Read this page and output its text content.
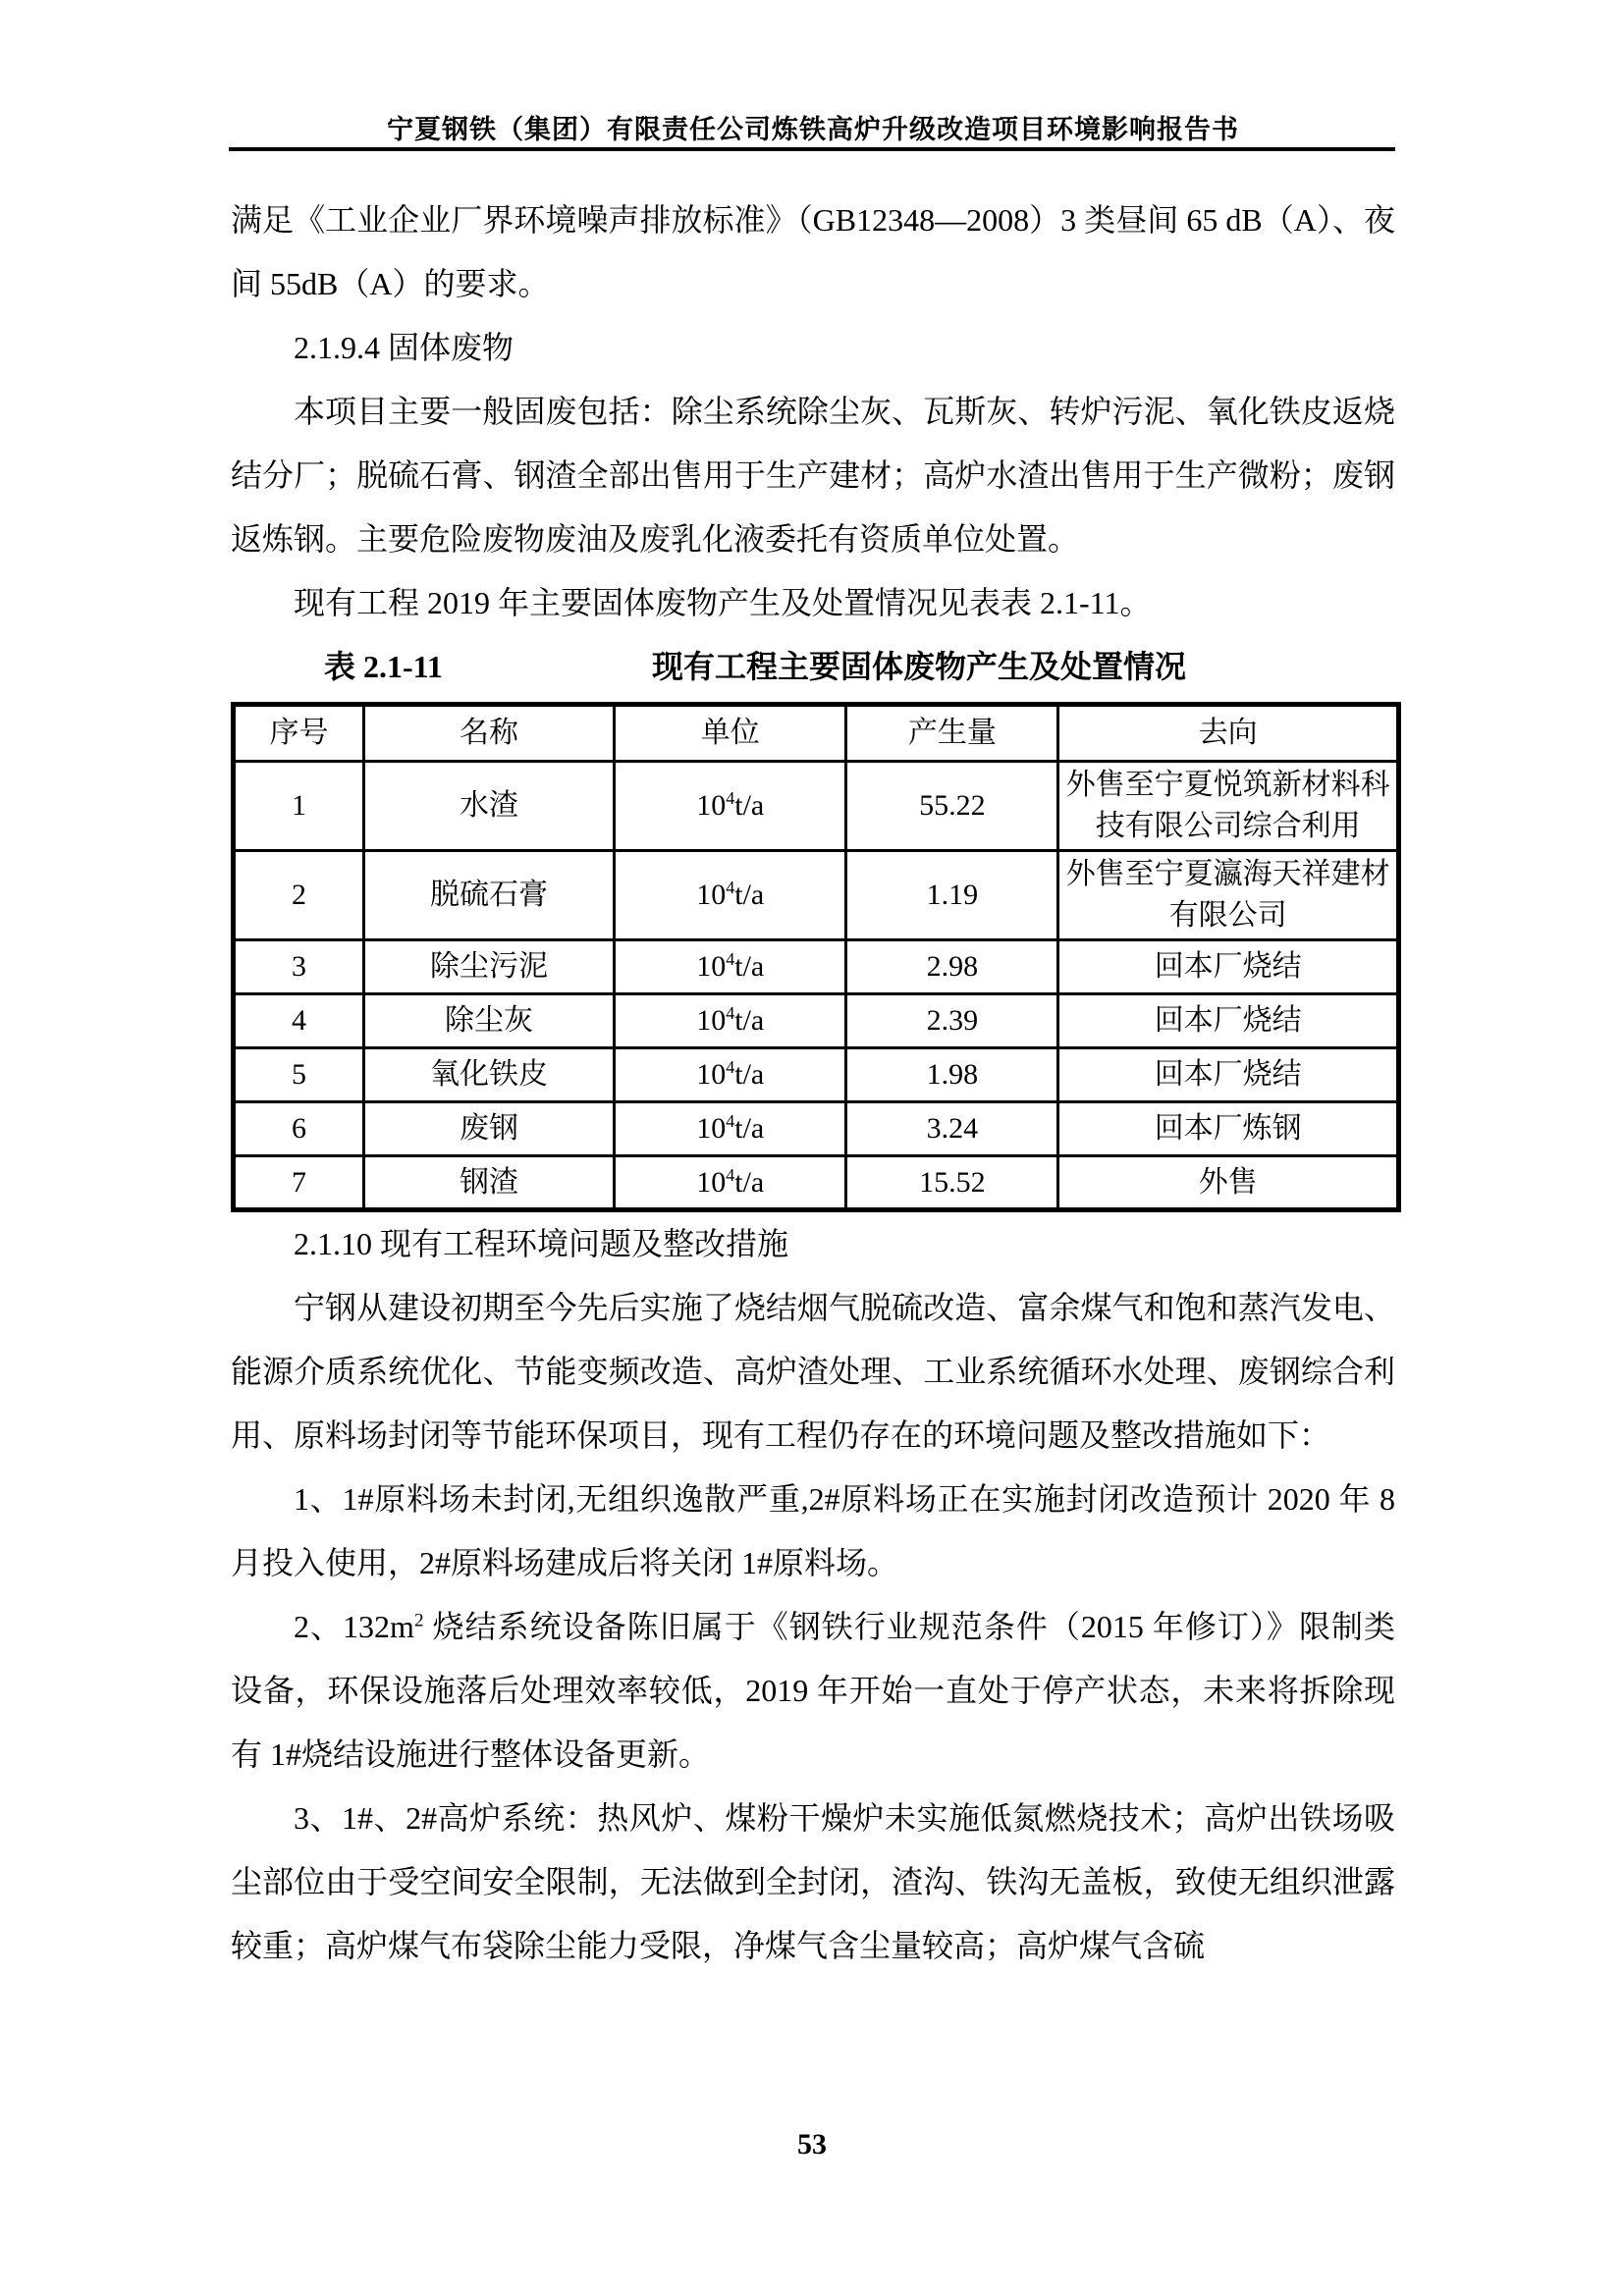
宁夏钢铁（集团）有限责任公司炼铁高炉升级改造项目环境影响报告书

满足《工业企业厂界环境噪声排放标准》（GB12348—2008）3 类昼间 65 dB（A）、夜间 55dB（A）的要求。

2.1.9.4 固体废物

本项目主要一般固废包括：除尘系统除尘灰、瓦斯灰、转炉污泥、氧化铁皮返烧结分厂；脱硫石膏、钢渣全部出售用于生产建材；高炉水渣出售用于生产微粉；废钢返炼钢。主要危险废物废油及废乳化液委托有资质单位处置。

现有工程 2019 年主要固体废物产生及处置情况见表表 2.1-11。

表 2.1-11	现有工程主要固体废物产生及处置情况

序号	名称	单位	产生量	去向
1	水渣	$10^4t/a$	55.22	外售至宁夏悦筑新材料科技有限公司综合利用
2	脱硫石膏	$10^4t/a$	1.19	外售至宁夏瀛海天祥建材有限公司
3	除尘污泥	$10^4t/a$	2.98	回本厂烧结
4	除尘灰	$10^4t/a$	2.39	回本厂烧结
5	氧化铁皮	$10^4t/a$	1.98	回本厂烧结
6	废钢	$10^4t/a$	3.24	回本厂炼钢
7	钢渣	$10^4t/a$	15.52	外售

2.1.10 现有工程环境问题及整改措施

宁钢从建设初期至今先后实施了烧结烟气脱硫改造、富余煤气和饱和蒸汽发电、能源介质系统优化、节能变频改造、高炉渣处理、工业系统循环水处理、废钢综合利用、原料场封闭等节能环保项目，现有工程仍存在的环境问题及整改措施如下：

1、1#原料场未封闭,无组织逸散严重,2#原料场正在实施封闭改造预计 2020 年 8 月投入使用，2#原料场建成后将关闭 1#原料场。

2、$132m^2$ 烧结系统设备陈旧属于《钢铁行业规范条件（2015 年修订）》限制类设备，环保设施落后处理效率较低，2019 年开始一直处于停产状态，未来将拆除现有 1#烧结设施进行整体设备更新。

3、1#、2#高炉系统：热风炉、煤粉干燥炉未实施低氮燃烧技术；高炉出铁场吸尘部位由于受空间安全限制，无法做到全封闭，渣沟、铁沟无盖板，致使无组织泄露较重；高炉煤气布袋除尘能力受限，净煤气含尘量较高；高炉煤气含硫

53
